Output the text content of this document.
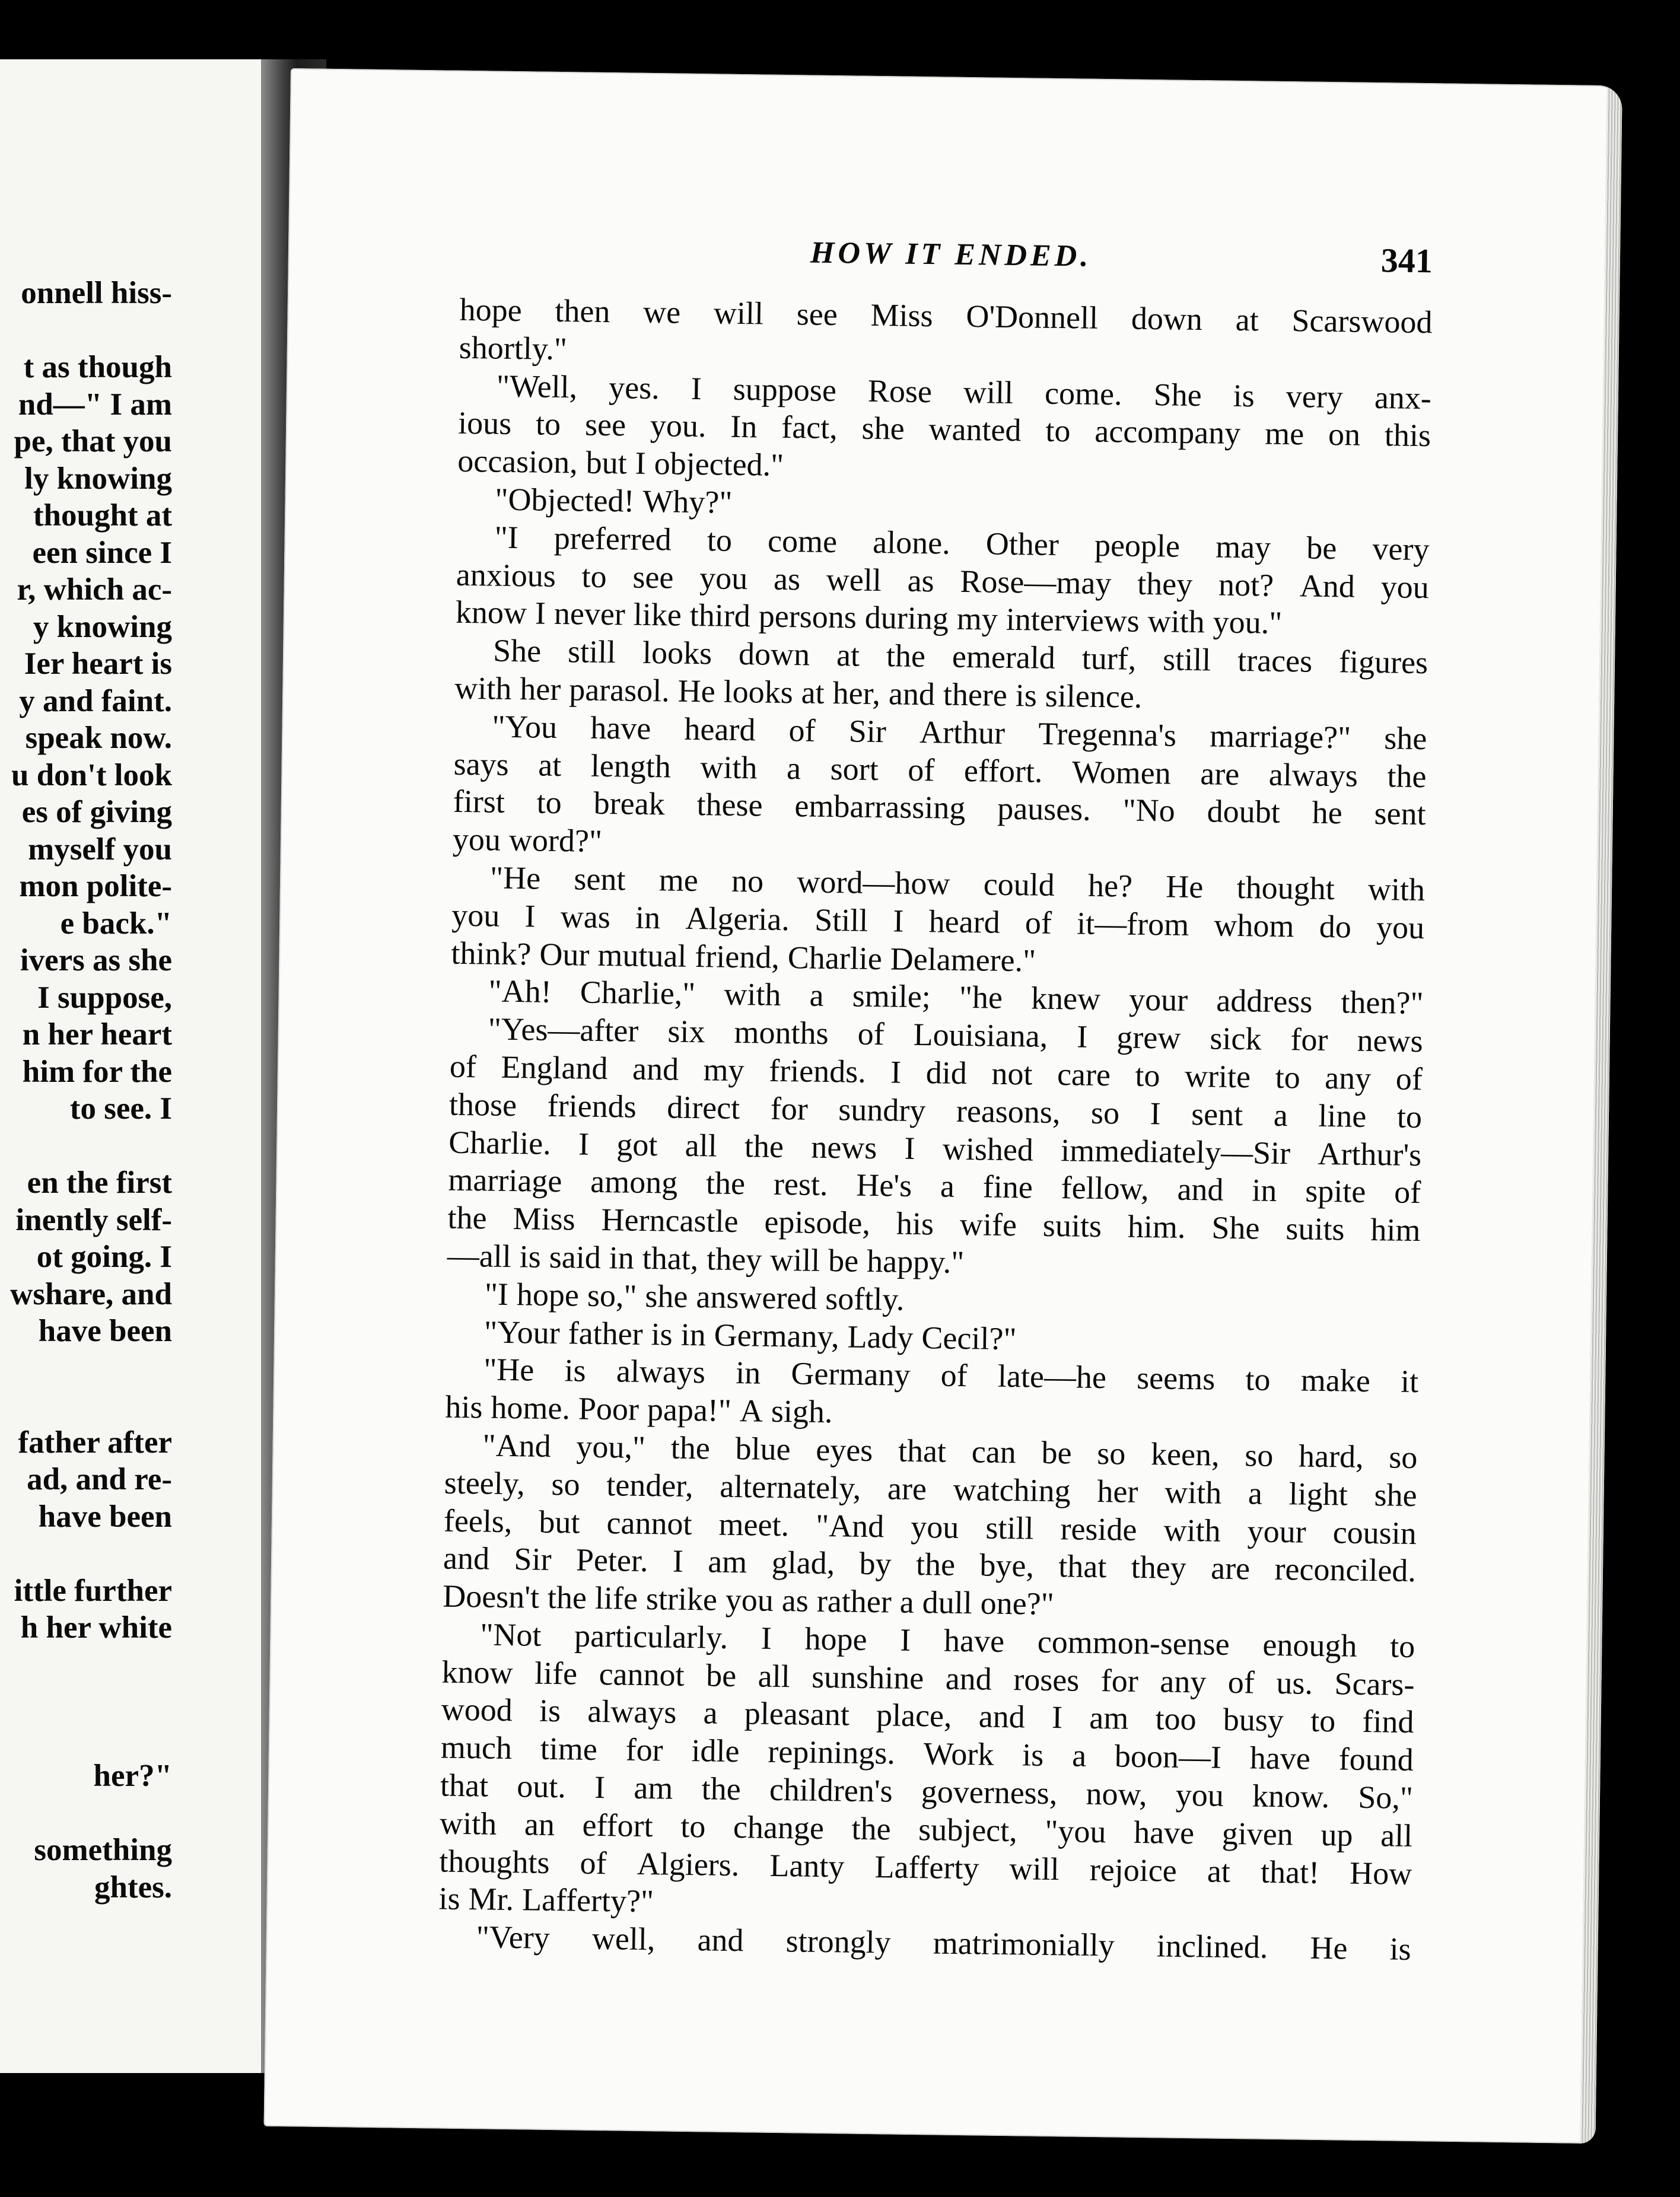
onnell hiss-
t as though
nd—" I am
pe, that you
ly knowing
thought at
een since I
r, which ac-
y knowing
Ier heart is
y and faint.
speak now.
u don't look
es of giving
myself you
mon polite-
e back."
ivers as she
I suppose,
n her heart
him for the
to see. I
en the first
inently self-
ot going. I
wshare, and
have been
father after
ad, and re-
have been
ittle further
h her white
her?"
something
ghtes.
HOW IT ENDED.	341
hope then we will see Miss O'Donnell down at Scarswood
shortly."
"Well, yes. I suppose Rose will come. She is very anx-
ious to see you. In fact, she wanted to accompany me on this
occasion, but I objected."
"Objected! Why?"
"I preferred to come alone. Other people may be very
anxious to see you as well as Rose—may they not? And you
know I never like third persons during my interviews with you."
She still looks down at the emerald turf, still traces figures
with her parasol. He looks at her, and there is silence.
"You have heard of Sir Arthur Tregenna's marriage?" she
says at length with a sort of effort. Women are always the
first to break these embarrassing pauses. "No doubt he sent
you word?"
"He sent me no word—how could he? He thought with
you I was in Algeria. Still I heard of it—from whom do you
think? Our mutual friend, Charlie Delamere."
"Ah! Charlie," with a smile; "he knew your address then?"
"Yes—after six months of Louisiana, I grew sick for news
of England and my friends. I did not care to write to any of
those friends direct for sundry reasons, so I sent a line to
Charlie. I got all the news I wished immediately—Sir Arthur's
marriage among the rest. He's a fine fellow, and in spite of
the Miss Herncastle episode, his wife suits him. She suits him
—all is said in that, they will be happy."
"I hope so," she answered softly.
"Your father is in Germany, Lady Cecil?"
"He is always in Germany of late—he seems to make it
his home. Poor papa!" A sigh.
"And you," the blue eyes that can be so keen, so hard, so
steely, so tender, alternately, are watching her with a light she
feels, but cannot meet. "And you still reside with your cousin
and Sir Peter. I am glad, by the bye, that they are reconciled.
Doesn't the life strike you as rather a dull one?"
"Not particularly. I hope I have common-sense enough to
know life cannot be all sunshine and roses for any of us. Scars-
wood is always a pleasant place, and I am too busy to find
much time for idle repinings. Work is a boon—I have found
that out. I am the children's governess, now, you know. So,"
with an effort to change the subject, "you have given up all
thoughts of Algiers. Lanty Lafferty will rejoice at that! How
is Mr. Lafferty?"
"Very well, and strongly matrimonially inclined. He is
